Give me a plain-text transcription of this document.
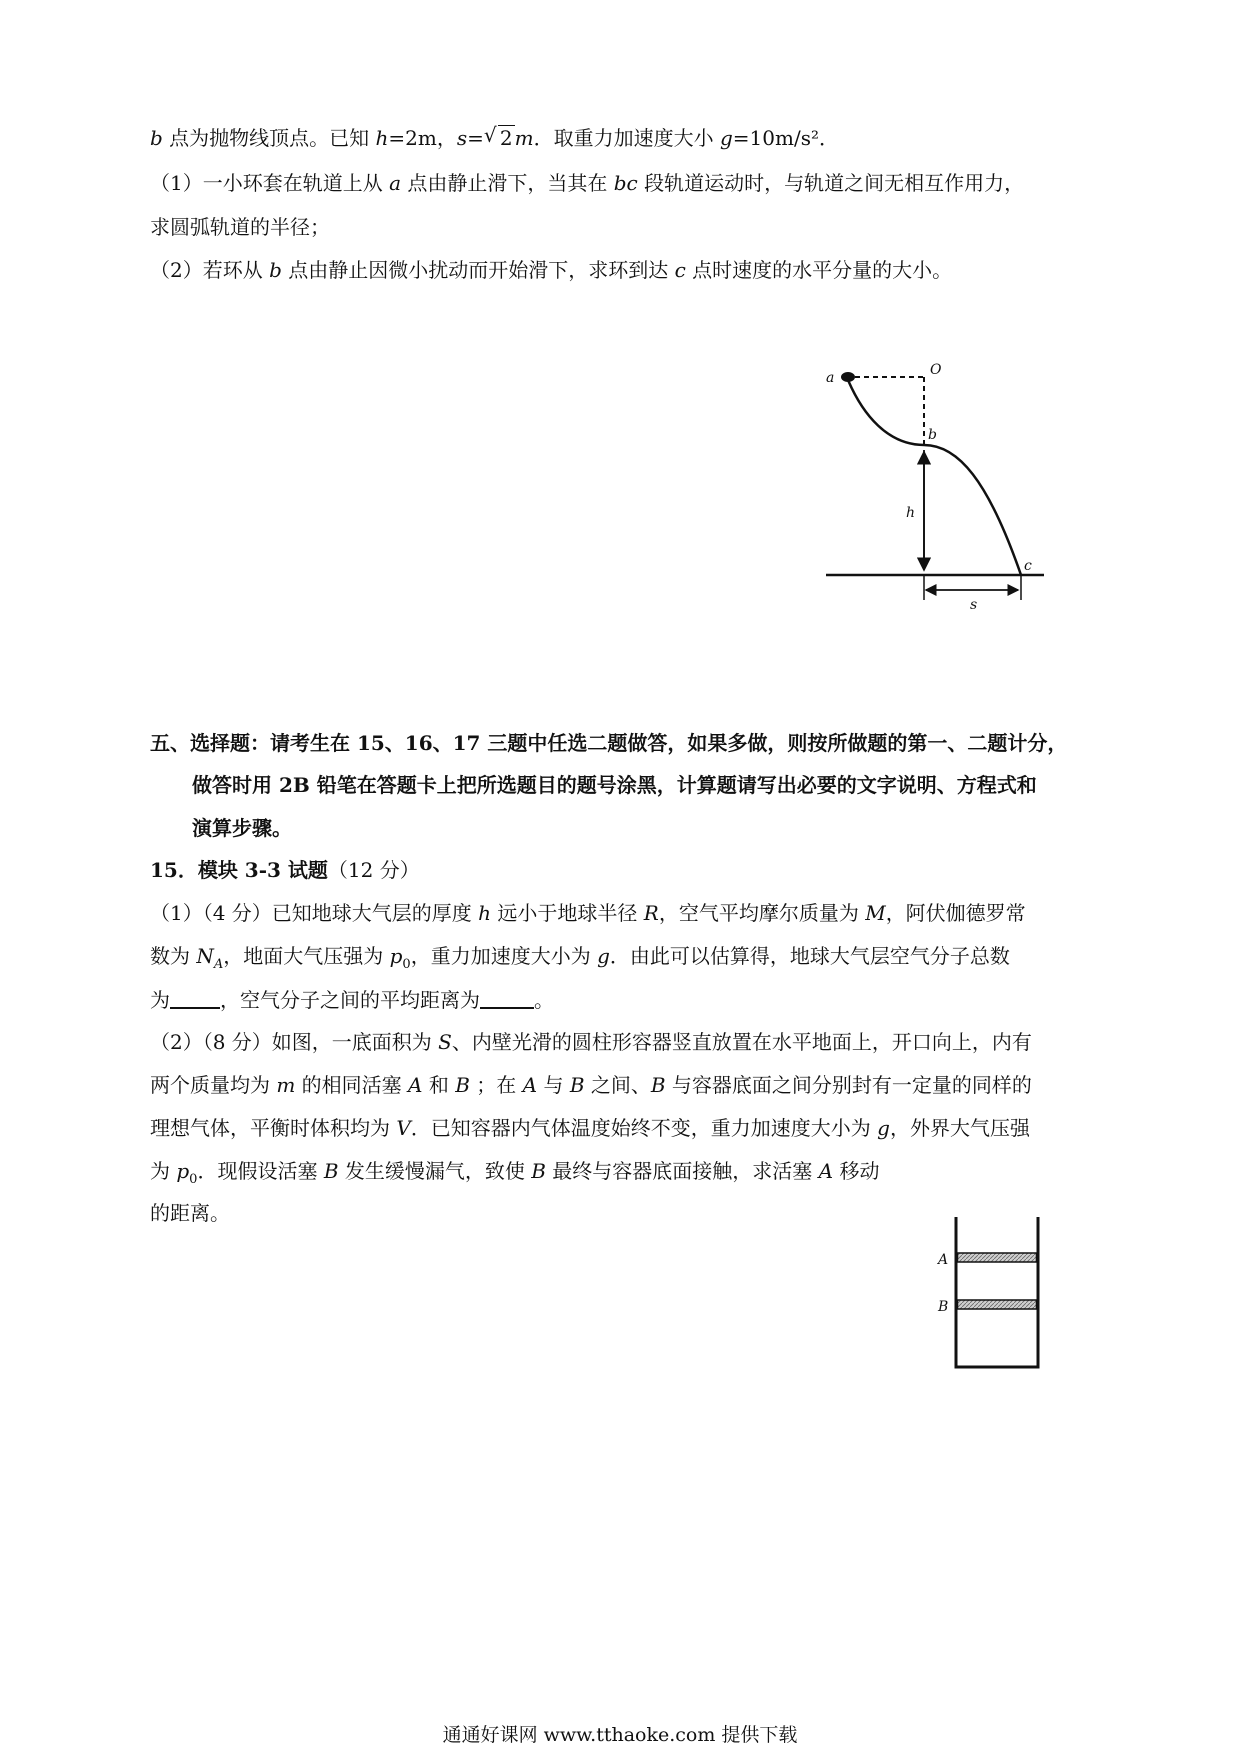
b 点为抛物线顶点。已知 h=2m，s= √ 2 m．取重力加速度大小 g=10m/s²．
（1）一小环套在轨道上从 a 点由静止滑下，当其在 bc 段轨道运动时，与轨道之间无相互作用力，
求圆弧轨道的半径；
（2）若环从 b 点由静止因微小扰动而开始滑下，求环到达 c 点时速度的水平分量的大小。
a	O
b
h
c
s
五、选择题：请考生在 15、16、17 三题中任选二题做答，如果多做，则按所做题的第一、二题计分，
做答时用 2B 铅笔在答题卡上把所选题目的题号涂黑，计算题请写出必要的文字说明、方程式和
演算步骤。
15．模块 3-3 试题（12 分）
（1）（4 分）已知地球大气层的厚度 h 远小于地球半径 R，空气平均摩尔质量为 M，阿伏伽德罗常
数为 $N_A$，地面大气压强为 $p_0$，重力加速度大小为 g．由此可以估算得，地球大气层空气分子总数
为	，空气分子之间的平均距离为	。
（2）（8 分）如图，一底面积为 S、内壁光滑的圆柱形容器竖直放置在水平地面上，开口向上，内有
两个质量均为 m 的相同活塞 A 和 B ；在 A 与 B 之间、B 与容器底面之间分别封有一定量的同样的
理想气体，平衡时体积均为 V．已知容器内气体温度始终不变，重力加速度大小为 g，外界大气压强
为 $p_0$．现假设活塞 B 发生缓慢漏气，致使 B 最终与容器底面接触，求活塞 A 移动
的距离。
A
B
通通好课网 www.tthaoke.com 提供下载
